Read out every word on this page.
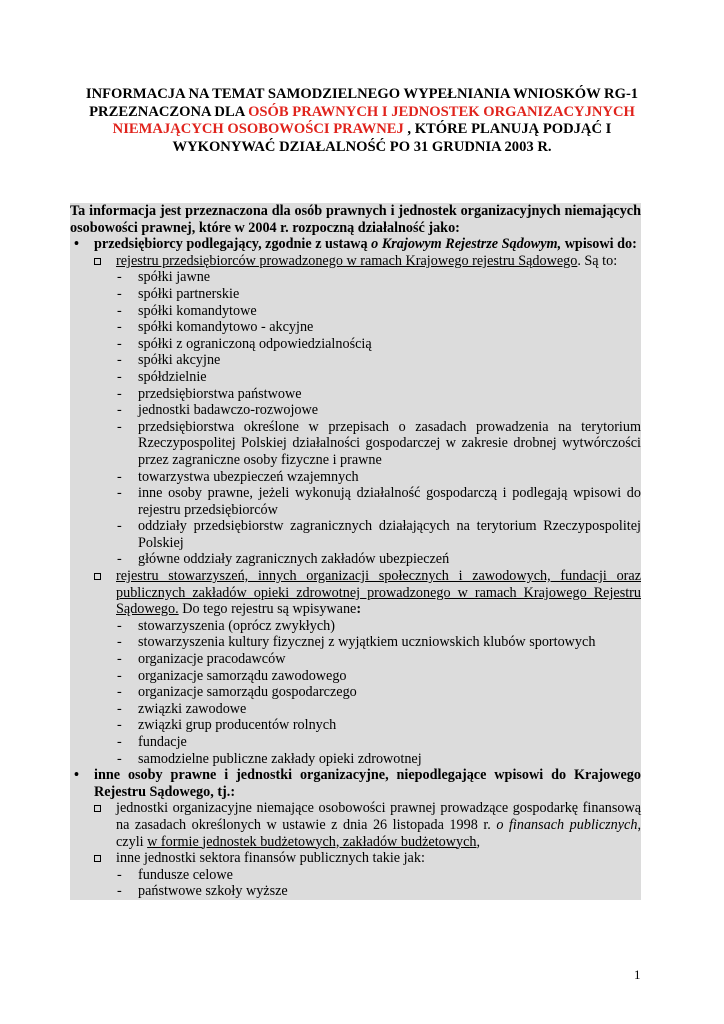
INFORMACJA NA TEMAT SAMODZIELNEGO WYPEŁNIANIA WNIOSKÓW RG-1 PRZEZNACZONA DLA OSÓB PRAWNYCH I JEDNOSTEK ORGANIZACYJNYCH NIEMAJĄCYCH OSOBOWOŚCI PRAWNEJ , KTÓRE PLANUJĄ PODJĄĆ I WYKONYWAĆ DZIAŁALNOŚĆ PO 31 GRUDNIA 2003 R.
Ta informacja jest przeznaczona dla osób prawnych i jednostek organizacyjnych niemających osobowości prawnej, które w 2004 r. rozpoczną działalność jako:
• przedsiębiorcy podlegający, zgodnie z ustawą o Krajowym Rejestrze Sądowym, wpisowi do:
rejestru przedsiębiorców prowadzonego w ramach Krajowego rejestru Sądowego. Są to:
- spółki jawne
- spółki partnerskie
- spółki komandytowe
- spółki komandytowo - akcyjne
- spółki z ograniczoną odpowiedzialnością
- spółki akcyjne
- spółdzielnie
- przedsiębiorstwa państwowe
- jednostki badawczo-rozwojowe
- przedsiębiorstwa określone w przepisach o zasadach prowadzenia na terytorium Rzeczypospolitej Polskiej działalności gospodarczej w zakresie drobnej wytwórczości przez zagraniczne osoby fizyczne i prawne
- towarzystwa ubezpieczeń wzajemnych
- inne osoby prawne, jeżeli wykonują działalność gospodarczą i podlegają wpisowi do rejestru przedsiębiorców
- oddziały przedsiębiorstw zagranicznych działających na terytorium Rzeczypospolitej Polskiej
- główne oddziały zagranicznych zakładów ubezpieczeń
rejestru stowarzyszeń, innych organizacji społecznych i zawodowych, fundacji oraz publicznych zakładów opieki zdrowotnej prowadzonego w ramach Krajowego Rejestru Sądowego. Do tego rejestru są wpisywane:
- stowarzyszenia (oprócz zwykłych)
- stowarzyszenia kultury fizycznej z wyjątkiem uczniowskich klubów sportowych
- organizacje pracodawców
- organizacje samorządu zawodowego
- organizacje samorządu gospodarczego
- związki zawodowe
- związki grup producentów rolnych
- fundacje
- samodzielne publiczne zakłady opieki zdrowotnej
• inne osoby prawne i jednostki organizacyjne, niepodlegające wpisowi do Krajowego Rejestru Sądowego, tj.:
jednostki organizacyjne niemające osobowości prawnej prowadzące gospodarkę finansową na zasadach określonych w ustawie z dnia 26 listopada 1998 r. o finansach publicznych, czyli w formie jednostek budżetowych, zakładów budżetowych,
inne jednostki sektora finansów publicznych takie jak:
- fundusze celowe
- państwowe szkoły wyższe
1
